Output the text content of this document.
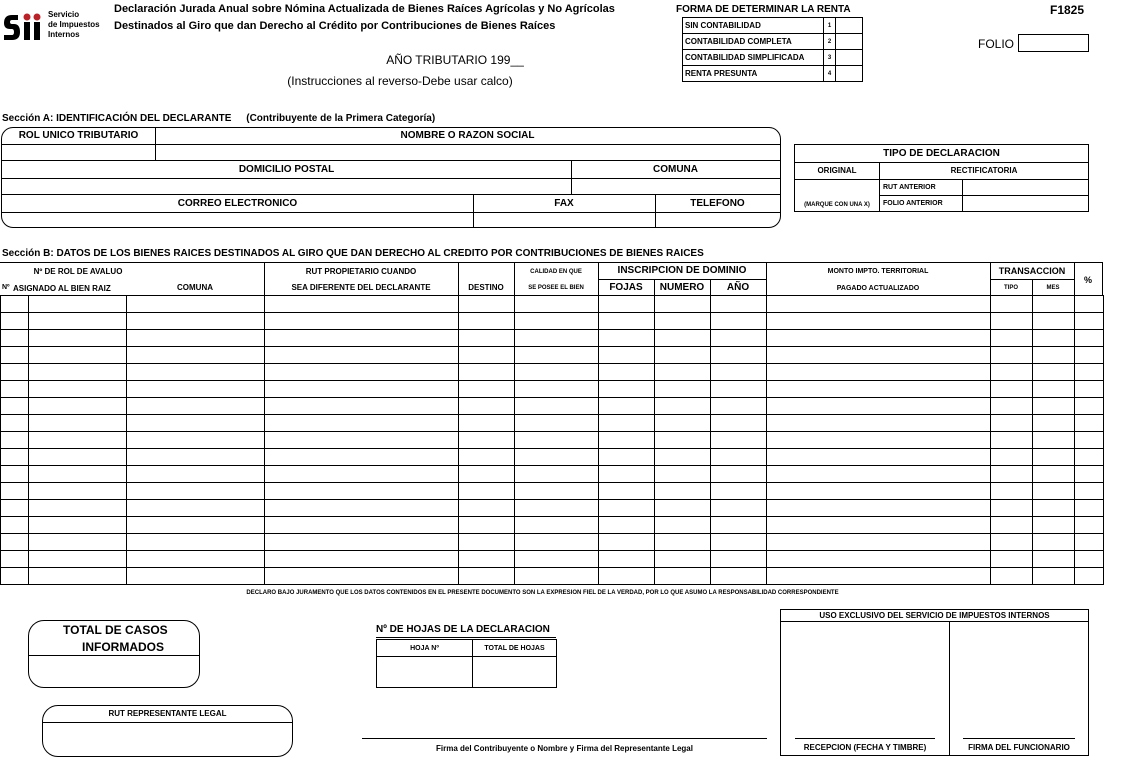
Servicio
de Impuestos
Internos
Declaración Jurada Anual sobre Nómina Actualizada de Bienes Raíces Agrícolas y No Agrícolas
Destinados al Giro que dan Derecho al Crédito por Contribuciones de Bienes Raíces
AÑO TRIBUTARIO 199__
(Instrucciones al reverso-Debe usar calco)
FORMA DE DETERMINAR LA RENTA
SIN CONTABILIDAD	1	
CONTABILIDAD COMPLETA	2	
CONTABILIDAD SIMPLIFICADA	3	
RENTA PRESUNTA	4	
F1825
FOLIO
Sección A: IDENTIFICACIÓN DEL DECLARANTE (Contribuyente de la Primera Categoría)
ROL UNICO TRIBUTARIO	NOMBRE O RAZON SOCIAL
DOMICILIO POSTAL	COMUNA
CORREO ELECTRONICO	FAX	TELEFONO
TIPO DE DECLARACION
ORIGINAL	RECTIFICATORIA
(MARQUE CON UNA X)
RUT ANTERIOR
FOLIO ANTERIOR
Sección B: DATOS DE LOS BIENES RAICES DESTINADOS AL GIRO QUE DAN DERECHO AL CREDITO POR CONTRIBUCIONES DE BIENES RAICES
Nº DE ROL DE AVALUO
Nº ASIGNADO AL BIEN RAIZ	COMUNA
RUT PROPIETARIO CUANDO
SEA DIFERENTE DEL DECLARANTE	DESTINO
CALIDAD EN QUE
SE POSEE EL BIEN
INSCRIPCION DE DOMINIO
FOJAS	NUMERO	AÑO
MONTO IMPTO. TERRITORIAL
PAGADO ACTUALIZADO
TRANSACCION
TIPO	MES
%

DECLARO BAJO JURAMENTO QUE LOS DATOS CONTENIDOS EN EL PRESENTE DOCUMENTO SON LA EXPRESION FIEL DE LA VERDAD, POR LO QUE ASUMO LA RESPONSABILIDAD CORRESPONDIENTE
TOTAL DE CASOS
INFORMADOS
Nº DE HOJAS DE LA DECLARACION
HOJA Nº	TOTAL DE HOJAS
USO EXCLUSIVO DEL SERVICIO DE IMPUESTOS INTERNOS
RECEPCION (FECHA Y TIMBRE)	FIRMA DEL FUNCIONARIO
RUT REPRESENTANTE LEGAL
Firma del Contribuyente o Nombre y Firma del Representante Legal
